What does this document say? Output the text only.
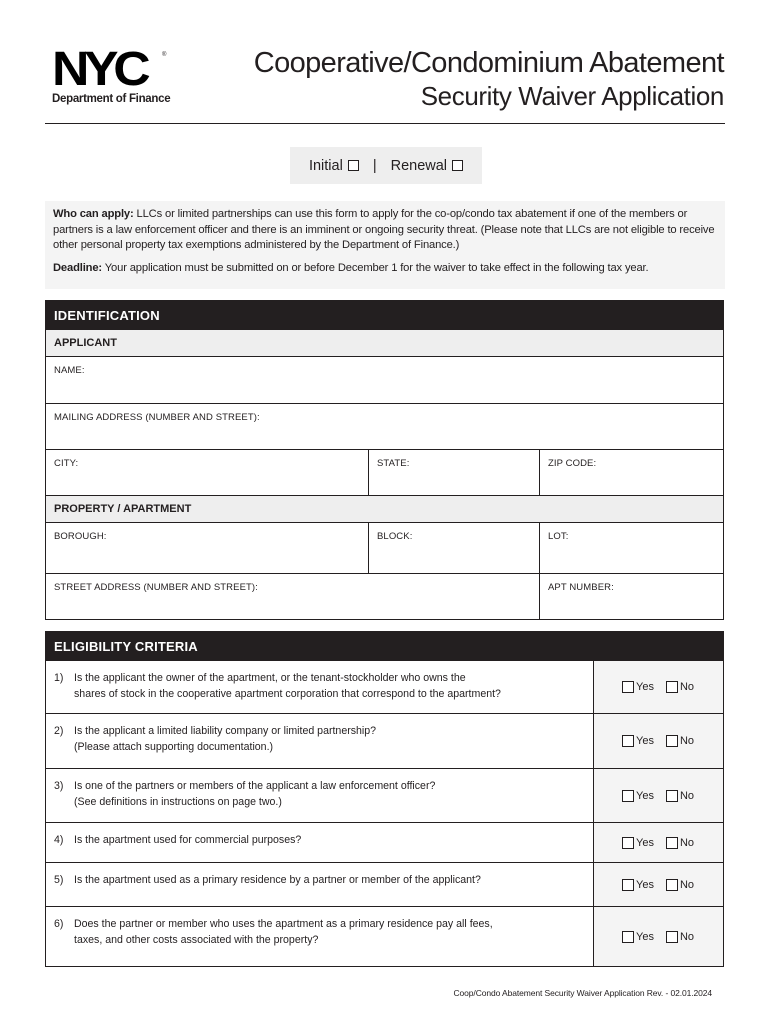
NYC	®
Department of Finance
Cooperative/Condominium Abatement
Security Waiver Application
Initial	| Renewal

Who can apply: LLCs or limited partnerships can use this form to apply for the co-op/condo tax abatement if one of the members or partners is a law enforcement officer and there is an imminent or ongoing security threat. (Please note that LLCs are not eligible to receive other personal property tax exemptions administered by the Department of Finance.)

Deadline: Your application must be submitted on or before December 1 for the waiver to take effect in the following tax year.

IDENTIFICATION
APPLICANT
NAME:
MAILING ADDRESS (NUMBER AND STREET):
CITY:	STATE:	ZIP CODE:
PROPERTY / APARTMENT
BOROUGH:	BLOCK:	LOT:
STREET ADDRESS (NUMBER AND STREET):	APT NUMBER:
ELIGIBILITY CRITERIA
1) Is the applicant the owner of the apartment, or the tenant-stockholder who owns the
shares of stock in the cooperative apartment corporation that correspond to the apartment?
Yes No
2) Is the applicant a limited liability company or limited partnership?
(Please attach supporting documentation.)	Yes No
3) Is one of the partners or members of the applicant a law enforcement officer?
(See definitions in instructions on page two.)
Yes No
4) Is the apartment used for commercial purposes?	Yes No
5) Is the apartment used as a primary residence by a partner or member of the applicant?	Yes No
6) Does the partner or member who uses the apartment as a primary residence pay all fees,
taxes, and other costs associated with the property?	Yes No
Coop/Condo Abatement Security Waiver Application Rev. - 02.01.2024
